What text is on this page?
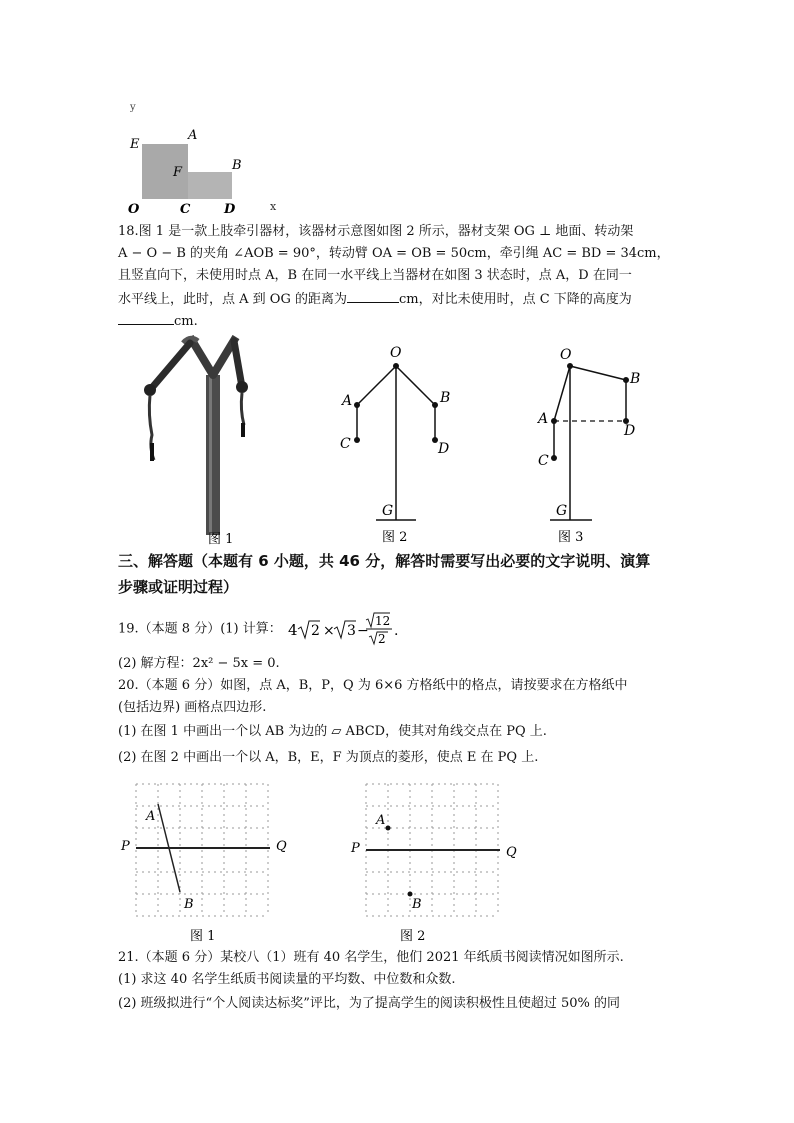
y
E
A
F	B
O	C	D	x
18.图 1 是一款上肢牵引器材，该器材示意图如图 2 所示，器材支架 OG ⊥ 地面、转动架
A − O − B 的夹角 ∠AOB = 90°，转动臂 OA = OB = 50cm，牵引绳 AC = BD = 34cm，
且竖直向下，未使用时点 A，B 在同一水平线上当器材在如图 3 状态时，点 A，D 在同一
水平线上，此时，点 A 到 OG 的距离为	cm，对比未使用时，点 C 下降的高度为
cm.
图 1
O
A	B
C	D
G
图 2
O
A
B
C
D
G
图 3
三、解答题（本题有 6 小题，共 46 分，解答时需要写出必要的文字说明、演算
步骤或证明过程）
19.（本题 8 分）(1) 计算： 4 2 × 3 −
12
2 .
(2) 解方程：2x² − 5x = 0.
20.（本题 6 分）如图，点 A，B，P，Q 为 6×6 方格纸中的格点，请按要求在方格纸中
(包括边界) 画格点四边形.
(1) 在图 1 中画出一个以 AB 为边的 ▱ ABCD，使其对角线交点在 PQ 上.
(2) 在图 2 中画出一个以 A，B，E，F 为顶点的菱形，使点 E 在 PQ 上.
A
B
P	Q
图 1
A
B
P	Q
图 2
21.（本题 6 分）某校八（1）班有 40 名学生，他们 2021 年纸质书阅读情况如图所示.
(1) 求这 40 名学生纸质书阅读量的平均数、中位数和众数.
(2) 班级拟进行“个人阅读达标奖”评比，为了提高学生的阅读积极性且使超过 50% 的同
